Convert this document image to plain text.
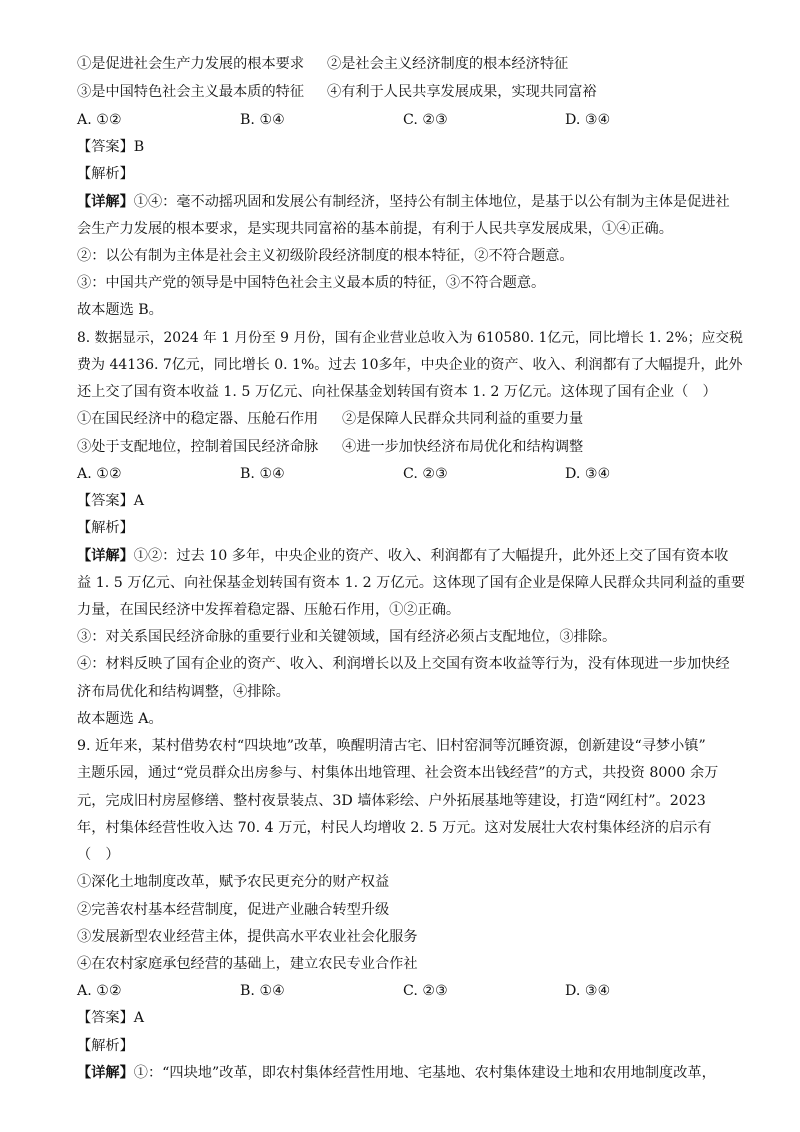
①是促进社会生产力发展的根本要求 ②是社会主义经济制度的根本经济特征
③是中国特色社会主义最本质的特征 ④有利于人民共享发展成果，实现共同富裕
A. ①②	B. ①④	C. ②③	D. ③④
【答案】B
【解析】
【详解】①④：毫不动摇巩固和发展公有制经济，坚持公有制主体地位，是基于以公有制为主体是促进社
会生产力发展的根本要求，是实现共同富裕的基本前提，有利于人民共享发展成果，①④正确。
②：以公有制为主体是社会主义初级阶段经济制度的根本特征，②不符合题意。
③：中国共产党的领导是中国特色社会主义最本质的特征，③不符合题意。
故本题选 B。
8. 数据显示，2024 年 1 月份至 9 月份，国有企业营业总收入为 610580. 1亿元，同比增长 1. 2%；应交税
费为 44136. 7亿元，同比增长 0. 1%。过去 10多年，中央企业的资产、收入、利润都有了大幅提升，此外
还上交了国有资本收益 1. 5 万亿元、向社保基金划转国有资本 1. 2 万亿元。这体现了国有企业（　）
①在国民经济中的稳定器、压舱石作用 ②是保障人民群众共同利益的重要力量
③处于支配地位，控制着国民经济命脉 ④进一步加快经济布局优化和结构调整
A. ①②	B. ①④	C. ②③	D. ③④
【答案】A
【解析】
【详解】①②：过去 10 多年，中央企业的资产、收入、利润都有了大幅提升，此外还上交了国有资本收
益 1. 5 万亿元、向社保基金划转国有资本 1. 2 万亿元。这体现了国有企业是保障人民群众共同利益的重要
力量，在国民经济中发挥着稳定器、压舱石作用，①②正确。
③：对关系国民经济命脉的重要行业和关键领域，国有经济必须占支配地位，③排除。
④：材料反映了国有企业的资产、收入、利润增长以及上交国有资本收益等行为，没有体现进一步加快经
济布局优化和结构调整，④排除。
故本题选 A。
9. 近年来，某村借势农村“四块地”改革，唤醒明清古宅、旧村窑洞等沉睡资源，创新建设“寻梦小镇”
主题乐园，通过“党员群众出房参与、村集体出地管理、社会资本出钱经营”的方式，共投资 8000 余万
元，完成旧村房屋修缮、整村夜景装点、3D 墙体彩绘、户外拓展基地等建设，打造“网红村”。2023
年，村集体经营性收入达 70. 4 万元，村民人均增收 2. 5 万元。这对发展壮大农村集体经济的启示有
（　）
①深化土地制度改革，赋予农民更充分的财产权益
②完善农村基本经营制度，促进产业融合转型升级
③发展新型农业经营主体，提供高水平农业社会化服务
④在农村家庭承包经营的基础上，建立农民专业合作社
A. ①②	B. ①④	C. ②③	D. ③④
【答案】A
【解析】
【详解】①：“四块地”改革，即农村集体经营性用地、宅基地、农村集体建设土地和农用地制度改革，
